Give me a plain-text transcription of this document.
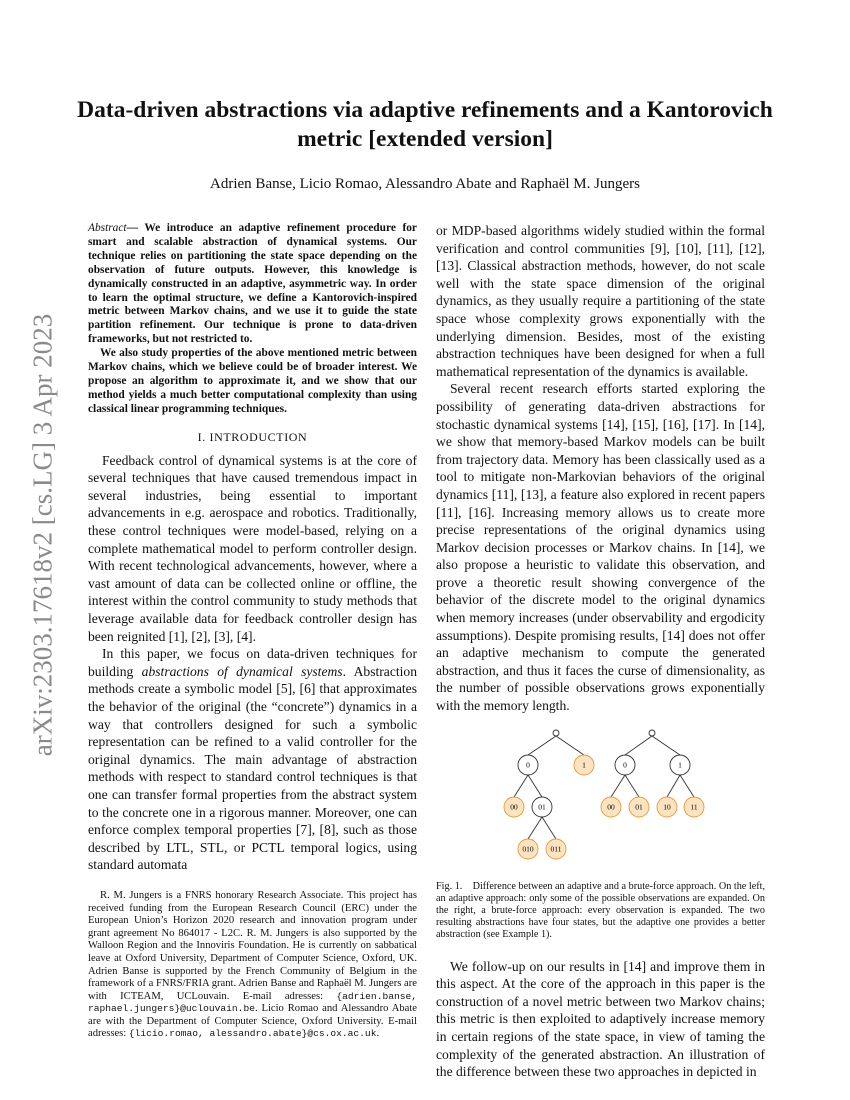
arXiv:2303.17618v2 [cs.LG] 3 Apr 2023
Data-driven abstractions via adaptive refinements and a Kantorovich metric [extended version]
Adrien Banse, Licio Romao, Alessandro Abate and Raphaël M. Jungers

Abstract— We introduce an adaptive refinement procedure for smart and scalable abstraction of dynamical systems. Our technique relies on partitioning the state space depending on the observation of future outputs. However, this knowledge is dynamically constructed in an adaptive, asymmetric way. In order to learn the optimal structure, we define a Kantorovich-inspired metric between Markov chains, and we use it to guide the state partition refinement. Our technique is prone to data-driven frameworks, but not restricted to.

We also study properties of the above mentioned metric between Markov chains, which we believe could be of broader interest. We propose an algorithm to approximate it, and we show that our method yields a much better computational complexity than using classical linear programming techniques.

I. INTRODUCTION

Feedback control of dynamical systems is at the core of several techniques that have caused tremendous impact in several industries, being essential to important advancements in e.g. aerospace and robotics. Traditionally, these control techniques were model-based, relying on a complete mathematical model to perform controller design. With recent technological advancements, however, where a vast amount of data can be collected online or offline, the interest within the control community to study methods that leverage available data for feedback controller design has been reignited [1], [2], [3], [4].

In this paper, we focus on data-driven techniques for building abstractions of dynamical systems. Abstraction methods create a symbolic model [5], [6] that approximates the behavior of the original (the “concrete”) dynamics in a way that controllers designed for such a symbolic representation can be refined to a valid controller for the original dynamics. The main advantage of abstraction methods with respect to standard control techniques is that one can transfer formal properties from the abstract system to the concrete one in a rigorous manner. Moreover, one can enforce complex temporal properties [7], [8], such as those described by LTL, STL, or PCTL temporal logics, using standard automata

R. M. Jungers is a FNRS honorary Research Associate. This project has received funding from the European Research Council (ERC) under the European Union’s Horizon 2020 research and innovation program under grant agreement No 864017 - L2C. R. M. Jungers is also supported by the Walloon Region and the Innoviris Foundation. He is currently on sabbatical leave at Oxford University, Department of Computer Science, Oxford, UK. Adrien Banse is supported by the French Community of Belgium in the framework of a FNRS/FRIA grant. Adrien Banse and Raphaël M. Jungers are with ICTEAM, UCLouvain. E-mail adresses: {adrien.banse, raphael.jungers}@uclouvain.be. Licio Romao and Alessandro Abate are with the Department of Computer Science, Oxford University. E-mail adresses: {licio.romao, alessandro.abate}@cs.ox.ac.uk.

or MDP-based algorithms widely studied within the formal verification and control communities [9], [10], [11], [12], [13]. Classical abstraction methods, however, do not scale well with the state space dimension of the original dynamics, as they usually require a partitioning of the state space whose complexity grows exponentially with the underlying dimension. Besides, most of the existing abstraction techniques have been designed for when a full mathematical representation of the dynamics is available.

Several recent research efforts started exploring the possibility of generating data-driven abstractions for stochastic dynamical systems [14], [15], [16], [17]. In [14], we show that memory-based Markov models can be built from trajectory data. Memory has been classically used as a tool to mitigate non-Markovian behaviors of the original dynamics [11], [13], a feature also explored in recent papers [11], [16]. Increasing memory allows us to create more precise representations of the original dynamics using Markov decision processes or Markov chains. In [14], we also propose a heuristic to validate this observation, and prove a theoretic result showing convergence of the behavior of the discrete model to the original dynamics when memory increases (under observability and ergodicity assumptions). Despite promising results, [14] does not offer an adaptive mechanism to compute the generated abstraction, and thus it faces the curse of dimensionality, as the number of possible observations grows exponentially with the memory length.

0	1
00	01
010 011
0	1
00	01	10	11

Fig. 1. Difference between an adaptive and a brute-force approach. On the left, an adaptive approach: only some of the possible observations are expanded. On the right, a brute-force approach: every observation is expanded. The two resulting abstractions have four states, but the adaptive one provides a better abstraction (see Example 1).

We follow-up on our results in [14] and improve them in this aspect. At the core of the approach in this paper is the construction of a novel metric between two Markov chains; this metric is then exploited to adaptively increase memory in certain regions of the state space, in view of taming the complexity of the generated abstraction. An illustration of the difference between these two approaches in depicted in
